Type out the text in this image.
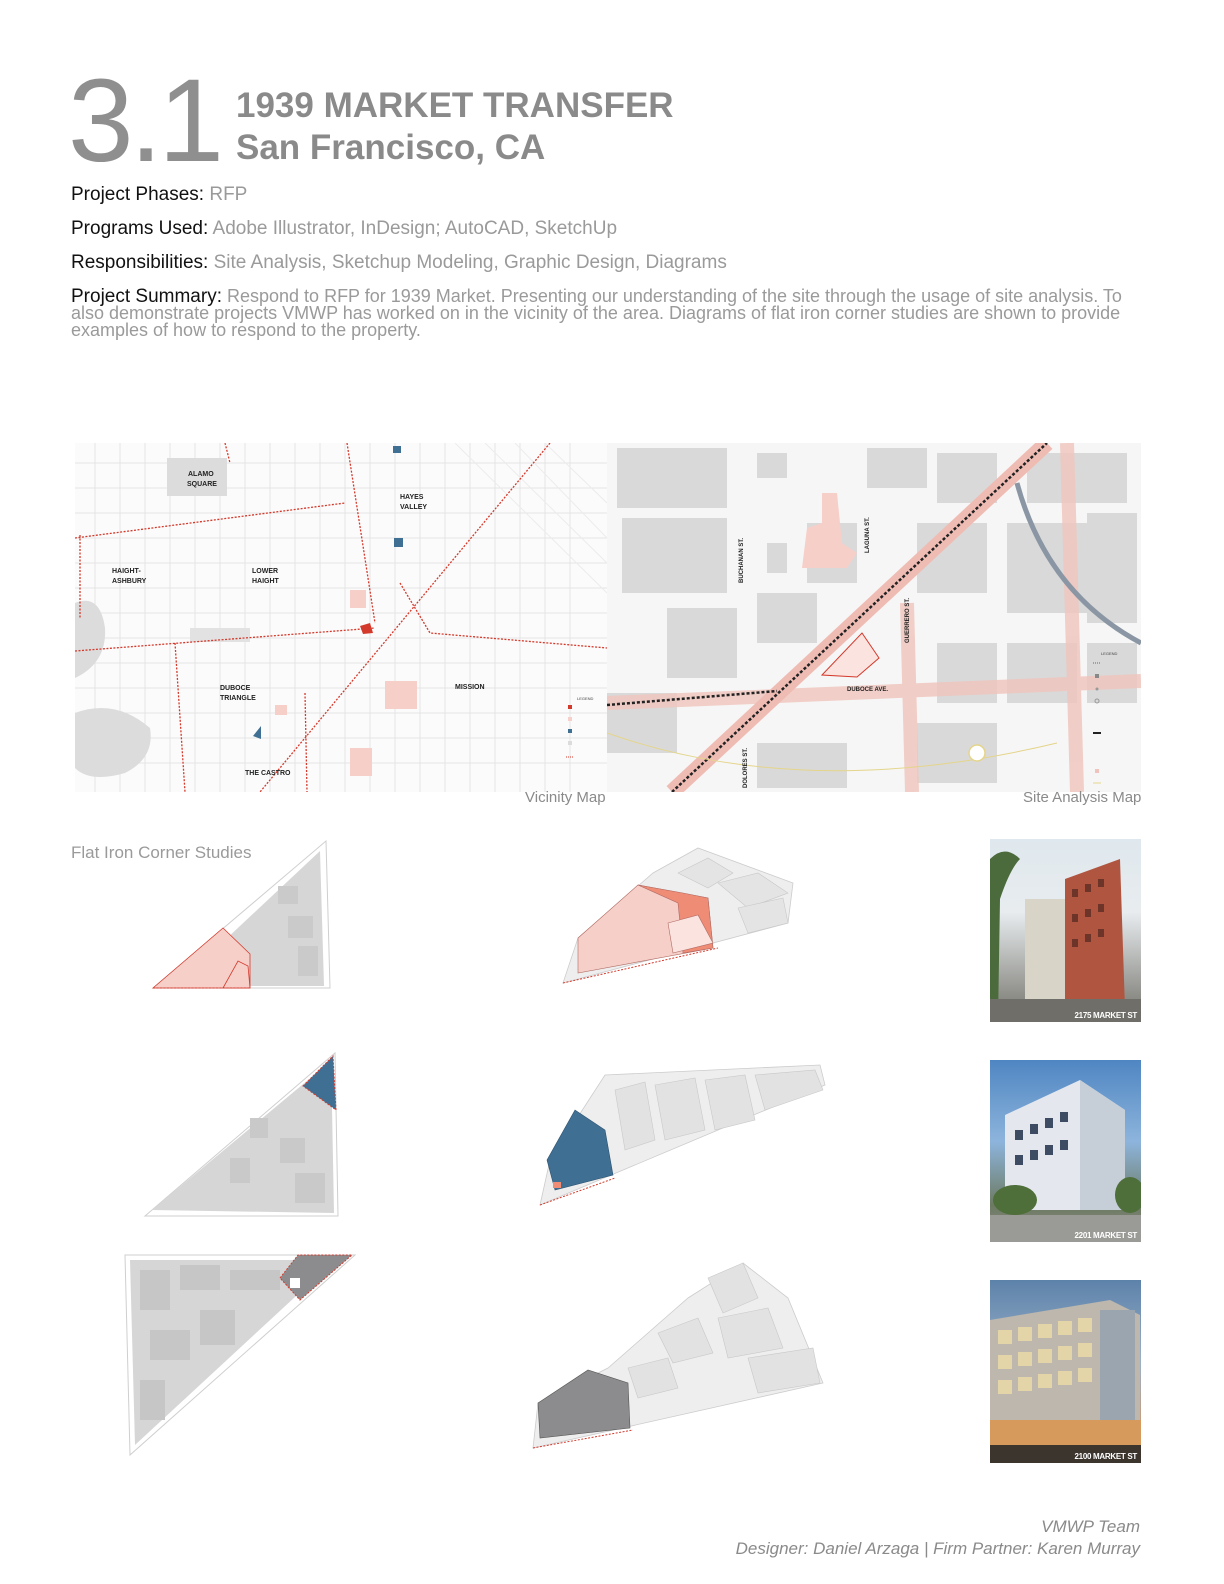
3.1 1939 MARKET TRANSFER
San Francisco, CA
Project Phases: RFP
Programs Used: Adobe Illustrator, InDesign; AutoCAD, SketchUp
Responsibilities: Site Analysis, Sketchup Modeling, Graphic Design, Diagrams
Project Summary: Respond to RFP for 1939 Market. Presenting our understanding of the site through the usage of site analysis. To also demonstrate projects VMWP has worked on in the vicinity of the area. Diagrams of flat iron corner studies are shown to provide examples of how to respond to the property.
ALAMO
SQUARE
HAYES
VALLEY
HAIGHT-
ASHBURY
LOWER
HAIGHT
DUBOCE
TRIANGLE
MISSION
THE CASTRO
LEGEND
Vicinity Map
DUBOCE AVE.
BUCHANAN ST.
LAGUNA ST.
GUERRERO ST.
DOLORES ST.
LEGEND
Site Analysis Map
Flat Iron Corner Studies
2175 MARKET ST
2201 MARKET ST
2100 MARKET ST
VMWP Team
Designer: Daniel Arzaga | Firm Partner: Karen Murray
